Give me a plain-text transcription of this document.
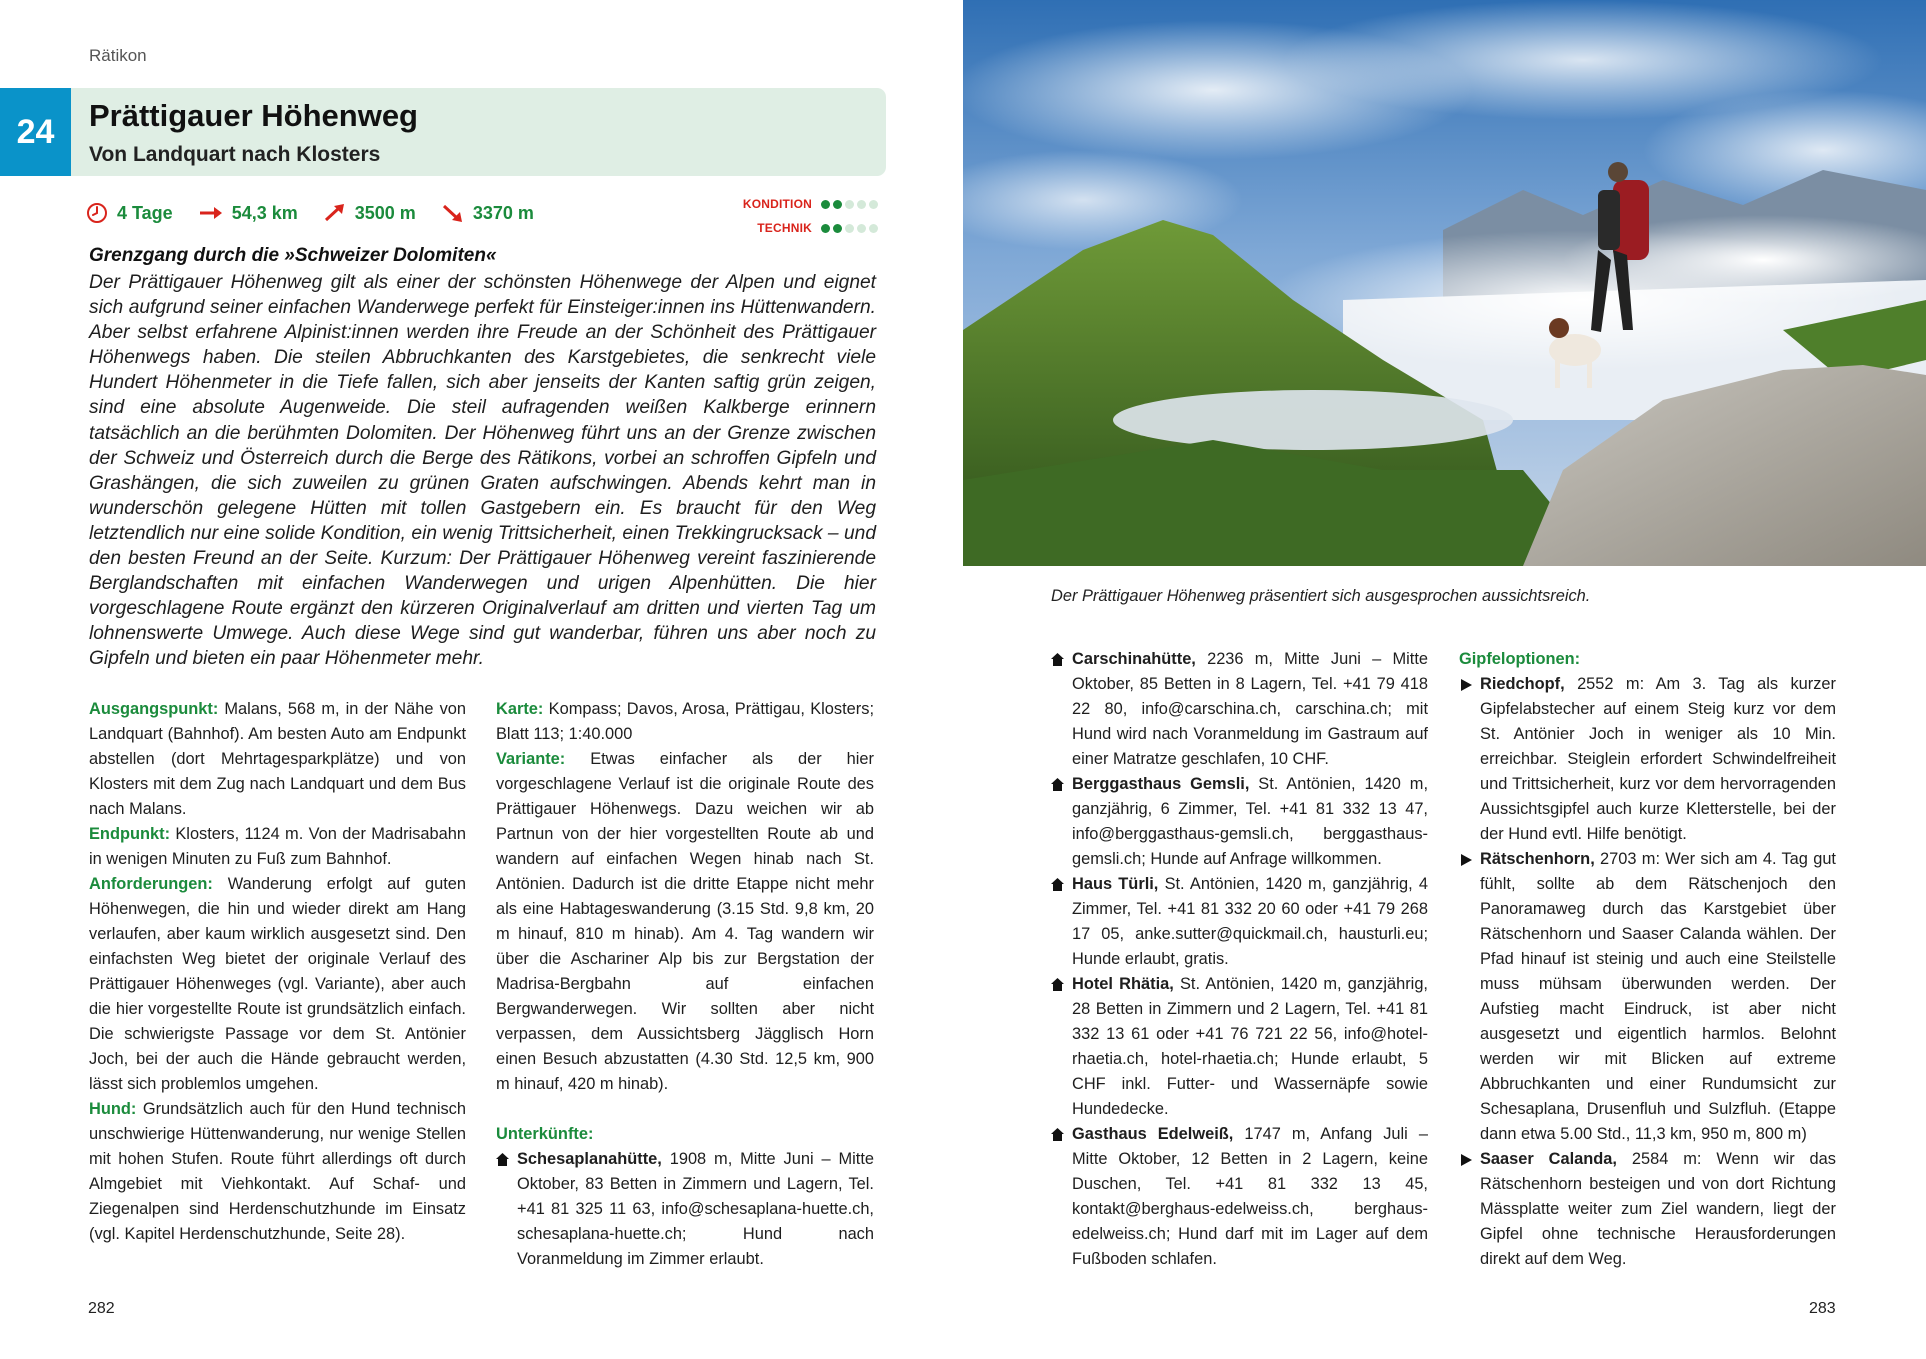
Rätikon
24	Prättigauer Höhenweg
Von Landquart nach Klosters
4 Tage	54,3 km	3500 m	3370 m	KONDITION
TECHNIK
Grenzgang durch die »Schweizer Dolomiten«

Der Prättigauer Höhenweg gilt als einer der schönsten Höhenwege der Alpen und eignet sich aufgrund seiner einfachen Wanderwege perfekt für Einsteiger:innen ins Hüttenwandern. Aber selbst erfahrene Alpinist:innen werden ihre Freude an der Schönheit des Prättigauer Höhenwegs haben. Die steilen Abbruchkanten des Karstgebietes, die senkrecht viele Hundert Höhenmeter in die Tiefe fallen, sich aber jenseits der Kanten saftig grün zeigen, sind eine absolute Augenweide. Die steil aufragenden weißen Kalkberge erinnern tatsächlich an die berühmten Dolomiten. Der Höhenweg führt uns an der Grenze zwischen der Schweiz und Österreich durch die Berge des Rätikons, vorbei an schroffen Gipfeln und Grashängen, die sich zuweilen zu grünen Graten aufschwingen. Abends kehrt man in wunderschön gelegene Hütten mit tollen Gastgebern ein. Es braucht für den Weg letztendlich nur eine solide Kondition, ein wenig Trittsicherheit, einen Trekkingrucksack – und den besten Freund an der Seite. Kurzum: Der Prättigauer Höhenweg vereint faszinierende Berglandschaften mit einfachen Wanderwegen und urigen Alpenhütten. Die hier vorgeschlagene Route ergänzt den kürzeren Originalverlauf am dritten und vierten Tag um lohnenswerte Umwege. Auch diese Wege sind gut wanderbar, führen uns aber noch zu Gipfeln und bieten ein paar Höhenmeter mehr.

Ausgangspunkt: Malans, 568 m, in der Nähe von Landquart (Bahnhof). Am besten Auto am Endpunkt abstellen (dort Mehrtagesparkplätze) und von Klosters mit dem Zug nach Landquart und dem Bus nach Malans.

Endpunkt: Klosters, 1124 m. Von der Madrisabahn in wenigen Minuten zu Fuß zum Bahnhof.

Anforderungen: Wanderung erfolgt auf guten Höhenwegen, die hin und wieder direkt am Hang verlaufen, aber kaum wirklich ausgesetzt sind. Den einfachsten Weg bietet der originale Verlauf des Prättigauer Höhenweges (vgl. Variante), aber auch die hier vorgestellte Route ist grundsätzlich einfach. Die schwierigste Passage vor dem St. Antönier Joch, bei der auch die Hände gebraucht werden, lässt sich problemlos umgehen.

Hund: Grundsätzlich auch für den Hund technisch unschwierige Hüttenwanderung, nur wenige Stellen mit hohen Stufen. Route führt allerdings oft durch Almgebiet mit Viehkontakt. Auf Schaf- und Ziegenalpen sind Herdenschutzhunde im Einsatz (vgl. Kapitel Herdenschutzhunde, Seite 28).

Karte: Kompass; Davos, Arosa, Prättigau, Klosters; Blatt 113; 1:40.000

Variante: Etwas einfacher als der hier vorgeschlagene Verlauf ist die originale Route des Prättigauer Höhenwegs. Dazu weichen wir ab Partnun von der hier vorgestellten Route ab und wandern auf einfachen Wegen hinab nach St. Antönien. Dadurch ist die dritte Etappe nicht mehr als eine Habtageswanderung (3.15 Std. 9,8 km, 20 m hinauf, 810 m hinab). Am 4. Tag wandern wir über die Aschariner Alp bis zur Bergstation der Madrisa-Bergbahn auf einfachen Bergwanderwegen. Wir sollten aber nicht verpassen, dem Aussichtsberg Jägglisch Horn einen Besuch abzustatten (4.30 Std. 12,5 km, 900 m hinauf, 420 m hinab).

Unterkünfte:

Schesaplanahütte, 1908 m, Mitte Juni – Mitte Oktober, 83 Betten in Zimmern und Lagern, Tel. +41 81 325 11 63, info@schesaplana-huette.ch, schesaplana-huette.ch; Hund nach Voranmeldung im Zimmer erlaubt.

282
Der Prättigauer Höhenweg präsentiert sich ausgesprochen aussichtsreich.

Carschinahütte, 2236 m, Mitte Juni – Mitte Oktober, 85 Betten in 8 Lagern, Tel. +41 79 418 22 80, info@carschina.ch, carschina.ch; mit Hund wird nach Voranmeldung im Gastraum auf einer Matratze geschlafen, 10 CHF.

Berggasthaus Gemsli, St. Antönien, 1420 m, ganzjährig, 6 Zimmer, Tel. +41 81 332 13 47, info@berggasthaus-gemsli.ch, berggasthaus-gemsli.ch; Hunde auf Anfrage willkommen.

Haus Türli, St. Antönien, 1420 m, ganzjährig, 4 Zimmer, Tel. +41 81 332 20 60 oder +41 79 268 17 05, anke.sutter@quickmail.ch, hausturli.eu; Hunde erlaubt, gratis.

Hotel Rhätia, St. Antönien, 1420 m, ganzjährig, 28 Betten in Zimmern und 2 Lagern, Tel. +41 81 332 13 61 oder +41 76 721 22 56, info@hotel-rhaetia.ch, hotel-rhaetia.ch; Hunde erlaubt, 5 CHF inkl. Futter- und Wassernäpfe sowie Hundedecke.

Gasthaus Edelweiß, 1747 m, Anfang Juli – Mitte Oktober, 12 Betten in 2 Lagern, keine Duschen, Tel. +41 81 332 13 45, kontakt@berghaus-edelweiss.ch, berghaus-edelweiss.ch; Hund darf mit im Lager auf dem Fußboden schlafen.

Gipfeloptionen:

Riedchopf, 2552 m: Am 3. Tag als kurzer Gipfelabstecher auf einem Steig kurz vor dem St. Antönier Joch in weniger als 10 Min. erreichbar. Steiglein erfordert Schwindelfreiheit und Trittsicherheit, kurz vor dem hervorragenden Aussichtsgipfel auch kurze Kletterstelle, bei der der Hund evtl. Hilfe benötigt.

Rätschenhorn, 2703 m: Wer sich am 4. Tag gut fühlt, sollte ab dem Rätschenjoch den Panoramaweg durch das Karstgebiet über Rätschenhorn und Saaser Calanda wählen. Der Pfad hinauf ist steinig und auch eine Steilstelle muss mühsam überwunden werden. Der Aufstieg macht Eindruck, ist aber nicht ausgesetzt und eigentlich harmlos. Belohnt werden wir mit Blicken auf extreme Abbruchkanten und einer Rundumsicht zur Schesaplana, Drusenfluh und Sulzfluh. (Etappe dann etwa 5.00 Std., 11,3 km, 950 m, 800 m)

Saaser Calanda, 2584 m: Wenn wir das Rätschenhorn besteigen und von dort Richtung Mässplatte weiter zum Ziel wandern, liegt der Gipfel ohne technische Herausforderungen direkt auf dem Weg.

283
